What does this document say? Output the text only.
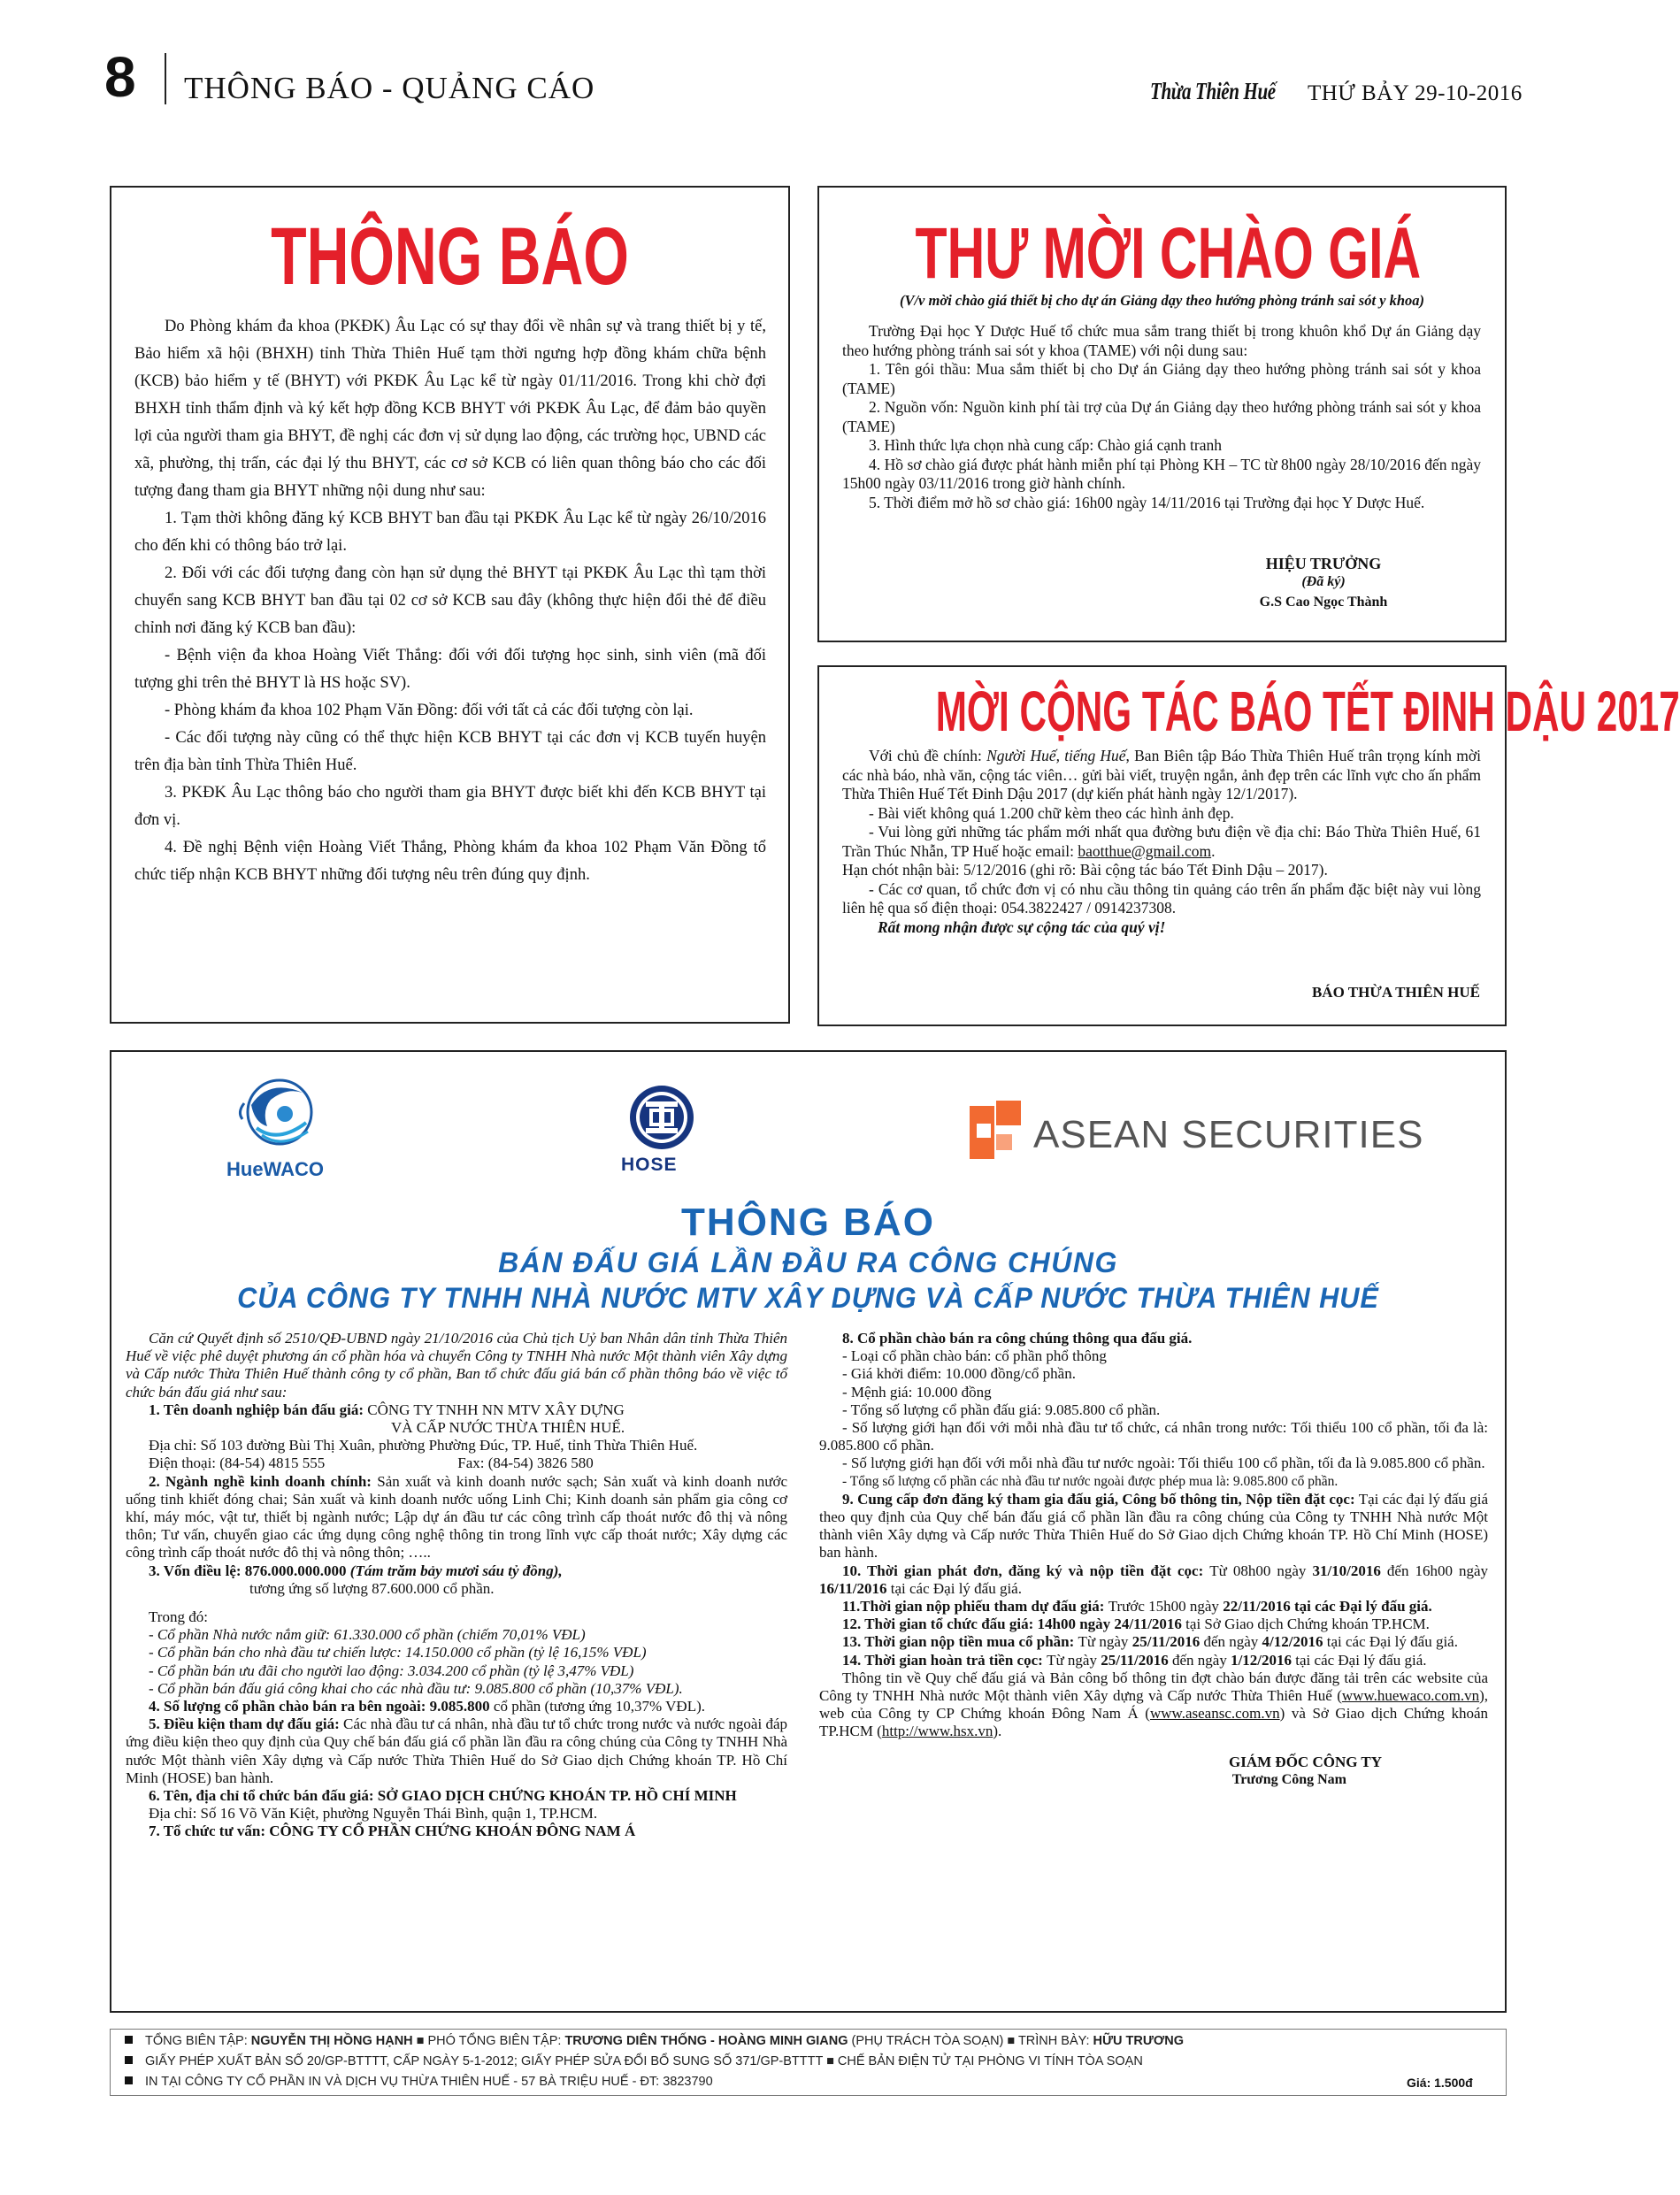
8 THÔNG BÁO - QUẢNG CÁO	Thừa Thiên Huế THỨ BẢY 29-10-2016
THÔNG BÁO

Do Phòng khám đa khoa (PKĐK) Âu Lạc có sự thay đổi về nhân sự và trang thiết bị y tế, Bảo hiểm xã hội (BHXH) tỉnh Thừa Thiên Huế tạm thời ngưng hợp đồng khám chữa bệnh (KCB) bảo hiểm y tế (BHYT) với PKĐK Âu Lạc kể từ ngày 01/11/2016. Trong khi chờ đợi BHXH tỉnh thẩm định và ký kết hợp đồng KCB BHYT với PKĐK Âu Lạc, để đảm bảo quyền lợi của người tham gia BHYT, đề nghị các đơn vị sử dụng lao động, các trường học, UBND các xã, phường, thị trấn, các đại lý thu BHYT, các cơ sở KCB có liên quan thông báo cho các đối tượng đang tham gia BHYT những nội dung như sau:

1. Tạm thời không đăng ký KCB BHYT ban đầu tại PKĐK Âu Lạc kể từ ngày 26/10/2016 cho đến khi có thông báo trở lại.

2. Đối với các đối tượng đang còn hạn sử dụng thẻ BHYT tại PKĐK Âu Lạc thì tạm thời chuyển sang KCB BHYT ban đầu tại 02 cơ sở KCB sau đây (không thực hiện đổi thẻ để điều chỉnh nơi đăng ký KCB ban đầu):

- Bệnh viện đa khoa Hoàng Viết Thắng: đối với đối tượng học sinh, sinh viên (mã đối tượng ghi trên thẻ BHYT là HS hoặc SV).

- Phòng khám đa khoa 102 Phạm Văn Đồng: đối với tất cả các đối tượng còn lại.

- Các đối tượng này cũng có thể thực hiện KCB BHYT tại các đơn vị KCB tuyến huyện trên địa bàn tỉnh Thừa Thiên Huế.

3. PKĐK Âu Lạc thông báo cho người tham gia BHYT được biết khi đến KCB BHYT tại đơn vị.

4. Đề nghị Bệnh viện Hoàng Viết Thắng, Phòng khám đa khoa 102 Phạm Văn Đồng tổ chức tiếp nhận KCB BHYT những đối tượng nêu trên đúng quy định.

THƯ MỜI CHÀO GIÁ
(V/v mời chào giá thiết bị cho dự án Giảng dạy theo hướng phòng tránh sai sót y khoa)

Trường Đại học Y Dược Huế tổ chức mua sắm trang thiết bị trong khuôn khổ Dự án Giảng dạy theo hướng phòng tránh sai sót y khoa (TAME) với nội dung sau:

1. Tên gói thầu: Mua sắm thiết bị cho Dự án Giảng dạy theo hướng phòng tránh sai sót y khoa (TAME)

2. Nguồn vốn: Nguồn kinh phí tài trợ của Dự án Giảng dạy theo hướng phòng tránh sai sót y khoa (TAME)

3. Hình thức lựa chọn nhà cung cấp: Chào giá cạnh tranh

4. Hồ sơ chào giá được phát hành miễn phí tại Phòng KH – TC từ 8h00 ngày 28/10/2016 đến ngày 15h00 ngày 03/11/2016 trong giờ hành chính.

5. Thời điểm mở hồ sơ chào giá: 16h00 ngày 14/11/2016 tại Trường đại học Y Dược Huế.

HIỆU TRƯỞNG
(Đã ký)
G.S Cao Ngọc Thành
MỜI CỘNG TÁC BÁO TẾT ĐINH DẬU 2017

Với chủ đề chính: Người Huế, tiếng Huế, Ban Biên tập Báo Thừa Thiên Huế trân trọng kính mời các nhà báo, nhà văn, cộng tác viên… gửi bài viết, truyện ngắn, ảnh đẹp trên các lĩnh vực cho ấn phẩm Thừa Thiên Huế Tết Đinh Dậu 2017 (dự kiến phát hành ngày 12/1/2017).

- Bài viết không quá 1.200 chữ kèm theo các hình ảnh đẹp.

- Vui lòng gửi những tác phẩm mới nhất qua đường bưu điện về địa chỉ: Báo Thừa Thiên Huế, 61 Trần Thúc Nhẫn, TP Huế hoặc email: baotthue@gmail.com.

Hạn chót nhận bài: 5/12/2016 (ghi rõ: Bài cộng tác báo Tết Đinh Dậu – 2017).

- Các cơ quan, tổ chức đơn vị có nhu cầu thông tin quảng cáo trên ấn phẩm đặc biệt này vui lòng liên hệ qua số điện thoại: 054.3822427 / 0914237308.

Rất mong nhận được sự cộng tác của quý vị!

BÁO THỪA THIÊN HUẾ
HueWACO	HOSE
ASEAN SECURITIES
THÔNG BÁO
BÁN ĐẤU GIÁ LẦN ĐẦU RA CÔNG CHÚNG
CỦA CÔNG TY TNHH NHÀ NƯỚC MTV XÂY DỰNG VÀ CẤP NƯỚC THỪA THIÊN HUẾ

Căn cứ Quyết định số 2510/QĐ-UBND ngày 21/10/2016 của Chủ tịch Uỷ ban Nhân dân tỉnh Thừa Thiên Huế về việc phê duyệt phương án cổ phần hóa và chuyển Công ty TNHH Nhà nước Một thành viên Xây dựng và Cấp nước Thừa Thiên Huế thành công ty cổ phần, Ban tổ chức đấu giá bán cổ phần thông báo về việc tổ chức bán đấu giá như sau:

1. Tên doanh nghiệp bán đấu giá: CÔNG TY TNHH NN MTV XÂY DỰNG

VÀ CẤP NƯỚC THỪA THIÊN HUẾ.

Địa chỉ: Số 103 đường Bùi Thị Xuân, phường Phường Đúc, TP. Huế, tỉnh Thừa Thiên Huế.

Điện thoại: (84-54) 4815 555	Fax: (84-54) 3826 580

2. Ngành nghề kinh doanh chính: Sản xuất và kinh doanh nước sạch; Sản xuất và kinh doanh nước uống tinh khiết đóng chai; Sản xuất và kinh doanh nước uống Linh Chi; Kinh doanh sản phẩm gia công cơ khí, máy móc, vật tư, thiết bị ngành nước; Lập dự án đầu tư các công trình cấp thoát nước đô thị và nông thôn; Tư vấn, chuyển giao các ứng dụng công nghệ thông tin trong lĩnh vực cấp thoát nước; Xây dựng các công trình cấp thoát nước đô thị và nông thôn; …..

3. Vốn điều lệ: 876.000.000.000 (Tám trăm bảy mươi sáu tỷ đồng),

tương ứng số lượng 87.600.000 cổ phần.

Trong đó:

- Cổ phần Nhà nước nắm giữ: 61.330.000 cổ phần (chiếm 70,01% VĐL)

- Cổ phần bán cho nhà đầu tư chiến lược: 14.150.000 cổ phần (tỷ lệ 16,15% VĐL)

- Cổ phần bán ưu đãi cho người lao động: 3.034.200 cổ phần (tỷ lệ 3,47% VĐL)

- Cổ phần bán đấu giá công khai cho các nhà đầu tư: 9.085.800 cổ phần (10,37% VĐL).

4. Số lượng cổ phần chào bán ra bên ngoài: 9.085.800 cổ phần (tương ứng 10,37% VĐL).

5. Điều kiện tham dự đấu giá: Các nhà đầu tư cá nhân, nhà đầu tư tổ chức trong nước và nước ngoài đáp ứng điều kiện theo quy định của Quy chế bán đấu giá cổ phần lần đầu ra công chúng của Công ty TNHH Nhà nước Một thành viên Xây dựng và Cấp nước Thừa Thiên Huế do Sở Giao dịch Chứng khoán TP. Hồ Chí Minh (HOSE) ban hành.

6. Tên, địa chỉ tổ chức bán đấu giá: SỞ GIAO DỊCH CHỨNG KHOÁN TP. HỒ CHÍ MINH

Địa chỉ: Số 16 Võ Văn Kiệt, phường Nguyễn Thái Bình, quận 1, TP.HCM.

7. Tổ chức tư vấn: CÔNG TY CỔ PHẦN CHỨNG KHOÁN ĐÔNG NAM Á

8. Cổ phần chào bán ra công chúng thông qua đấu giá.

- Loại cổ phần chào bán: cổ phần phổ thông

- Giá khởi điểm: 10.000 đồng/cổ phần.

- Mệnh giá: 10.000 đồng

- Tổng số lượng cổ phần đấu giá: 9.085.800 cổ phần.

- Số lượng giới hạn đối với mỗi nhà đầu tư tổ chức, cá nhân trong nước: Tối thiểu 100 cổ phần, tối đa là: 9.085.800 cổ phần.

- Số lượng giới hạn đối với mỗi nhà đầu tư nước ngoài: Tối thiểu 100 cổ phần, tối đa là 9.085.800 cổ phần.

- Tổng số lượng cổ phần các nhà đầu tư nước ngoài được phép mua là: 9.085.800 cổ phần.

9. Cung cấp đơn đăng ký tham gia đấu giá, Công bố thông tin, Nộp tiền đặt cọc: Tại các đại lý đấu giá theo quy định của Quy chế bán đấu giá cổ phần lần đầu ra công chúng của Công ty TNHH Nhà nước Một thành viên Xây dựng và Cấp nước Thừa Thiên Huế do Sở Giao dịch Chứng khoán TP. Hồ Chí Minh (HOSE) ban hành.

10. Thời gian phát đơn, đăng ký và nộp tiền đặt cọc: Từ 08h00 ngày 31/10/2016 đến 16h00 ngày 16/11/2016 tại các Đại lý đấu giá.

11.Thời gian nộp phiếu tham dự đấu giá: Trước 15h00 ngày 22/11/2016 tại các Đại lý đấu giá.

12. Thời gian tổ chức đấu giá: 14h00 ngày 24/11/2016 tại Sở Giao dịch Chứng khoán TP.HCM.

13. Thời gian nộp tiền mua cổ phần: Từ ngày 25/11/2016 đến ngày 4/12/2016 tại các Đại lý đấu giá.

14. Thời gian hoàn trả tiền cọc: Từ ngày 25/11/2016 đến ngày 1/12/2016 tại các Đại lý đấu giá.

Thông tin về Quy chế đấu giá và Bản công bố thông tin đợt chào bán được đăng tải trên các website của Công ty TNHH Nhà nước Một thành viên Xây dựng và Cấp nước Thừa Thiên Huế (www.huewaco.com.vn), web của Công ty CP Chứng khoán Đông Nam Á (www.aseansc.com.vn) và Sở Giao dịch Chứng khoán TP.HCM (http://www.hsx.vn).

GIÁM ĐỐC CÔNG TY

Trương Công Nam

TỔNG BIÊN TẬP: NGUYỄN THỊ HỒNG HẠNH ■ PHÓ TỔNG BIÊN TẬP: TRƯƠNG DIÊN THỐNG - HOÀNG MINH GIANG (PHỤ TRÁCH TÒA SOẠN) ■ TRÌNH BÀY: HỮU TRƯƠNG
GIẤY PHÉP XUẤT BẢN SỐ 20/GP-BTTTT, CẤP NGÀY 5-1-2012; GIẤY PHÉP SỬA ĐỔI BỔ SUNG SỐ 371/GP-BTTTT ■ CHẾ BẢN ĐIỆN TỬ TẠI PHÒNG VI TÍNH TÒA SOẠN
IN TẠI CÔNG TY CỔ PHẦN IN VÀ DỊCH VỤ THỪA THIÊN HUẾ - 57 BÀ TRIỆU HUẾ - ĐT: 3823790	Giá: 1.500đ
